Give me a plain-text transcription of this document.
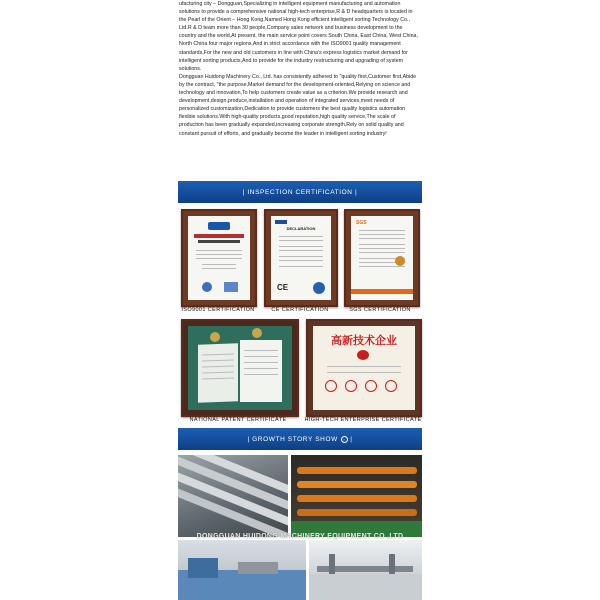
ufacturing city – Dongguan,Specializing in intelligent equipment manufacturing and automation solutions to provide a comprehensive national high-tech enterprise,R & D headquarters is located in the Pearl of the Orient – Hong Kong,Named Hong Kong efficient intelligent sorting Technology Co., Ltd.R & D team more than 30 people,Company sales network and business development to the country and the world,At present, the main service point covers South China, East China, West China, North China four major regions,And in strict accordance with the ISO9001 quality management standards,For the new and old customers in line with China's express logistics market demand for intelligent sorting products,And to provide for the industry restructuring and upgrading of system solutions.

Dongguan Huidong Machinery Co., Ltd. has consistently adhered to "quality first,Customer first,Abide by the contract, "the purpose,Market demand for the development-oriented,Relying on science and technology and innovation,To help customers create value as a criterion.We provide research and development,design,produce,installation and operation of integrated services,meet needs of personalized customization,Dedication to provide customers the best quality logistics automation flexible solutions.With high-quality products,good reputation,high quality service,The scale of production has been gradually expanded,increasing corporate strength,Rely on solid quality and constant pursuit of efforts, and gradually become the leader in intelligent sorting industry!

| INSPECTION CERTIFICATION |
ISO9001 CERTIFICATION
DECLARATION
CE
CE CERTIFICATION
SGS
SGS CERTIFICATION
NATIONAL PATENT CERTIFICATE
高新技术企业
HIGH-TECH ENTERPRISE CERTIFICATE
| GROWTH STORY SHOW	› |
DONGGUAN HUIDONG MACHINERY EQUIPMENT CO.,LTD
